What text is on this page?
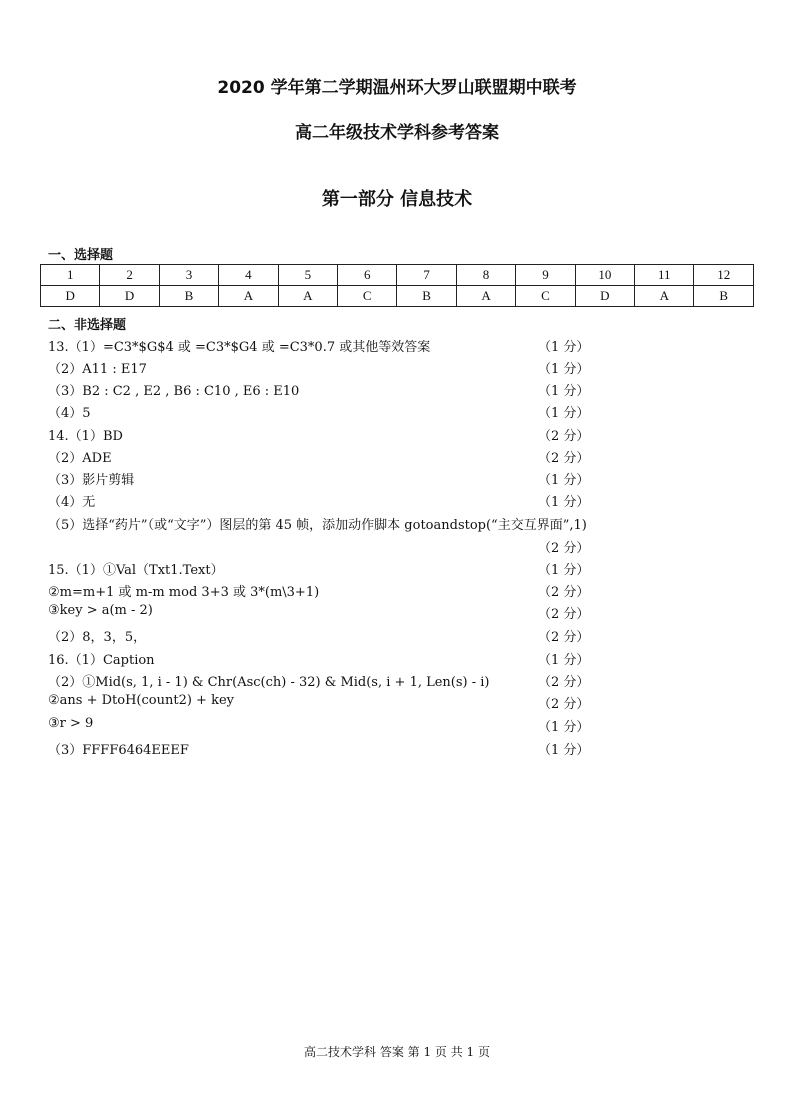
2020 学年第二学期温州环大罗山联盟期中联考
高二年级技术学科参考答案
第一部分 信息技术
一、选择题
1	2	3	4	5	6	7	8	9	10	11	12
D	D	B	A	A	C	B	A	C	D	A	B
二、非选择题
13.（1）=C3*$G$4 或 =C3*$G4 或 =C3*0.7 或其他等效答案	（1 分）
（2）A11 : E17	（1 分）
（3）B2 : C2 , E2 , B6 : C10 , E6 : E10	（1 分）
（4）5	（1 分）
14.（1）BD	（2 分）
（2）ADE	（2 分）
（3）影片剪辑	（1 分）
（4）无	（1 分）
（5）选择“药片”（或“文字”）图层的第 45 帧，添加动作脚本 gotoandstop(“主交互界面”,1)
（2 分）
15.（1）①Val（Txt1.Text）	（1 分）
②m=m+1 或 m-m mod 3+3 或 3*(m\3+1)	（2 分）
③key > a(m - 2)	（2 分）
（2）8，3，5，	（2 分）
16.（1）Caption	（1 分）
（2）①Mid(s, 1, i - 1) & Chr(Asc(ch) - 32) & Mid(s, i + 1, Len(s) - i)	（2 分）
②ans + DtoH(count2) + key	（2 分）
③r > 9	（1 分）
（3）FFFF6464EEEF	（1 分）
高二技术学科 答案 第 1 页 共 1 页
